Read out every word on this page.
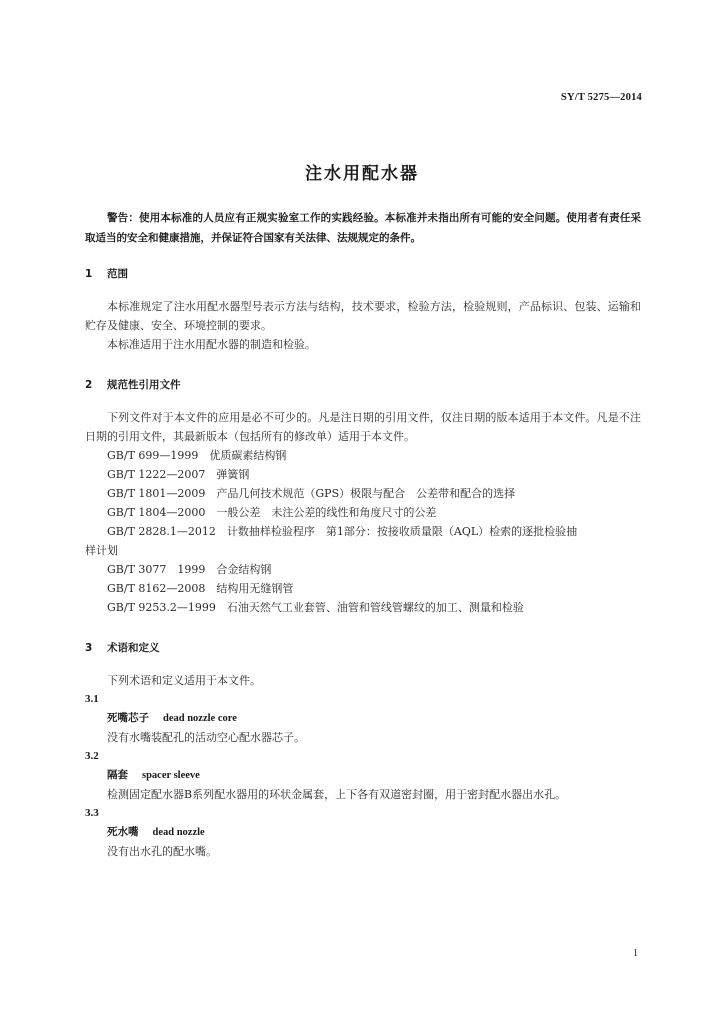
SY/T 5275—2014
注水用配水器
警告：使用本标准的人员应有正规实验室工作的实践经验。本标准并未指出所有可能的安全问题。使用者有责任采取适当的安全和健康措施，并保证符合国家有关法律、法规规定的条件。
1 范围
本标准规定了注水用配水器型号表示方法与结构，技术要求，检验方法，检验规则，产品标识、包装、运输和贮存及健康、安全、环境控制的要求。
本标准适用于注水用配水器的制造和检验。
2 规范性引用文件
下列文件对于本文件的应用是必不可少的。凡是注日期的引用文件，仅注日期的版本适用于本文件。凡是不注日期的引用文件，其最新版本（包括所有的修改单）适用于本文件。
GB/T 699—1999　优质碳素结构钢
GB/T 1222—2007　弹簧钢
GB/T 1801—2009　产品几何技术规范（GPS）极限与配合　公差带和配合的选择
GB/T 1804—2000　一般公差　未注公差的线性和角度尺寸的公差
GB/T 2828.1—2012　计数抽样检验程序　第1部分：按接收质量限（AQL）检索的逐批检验抽
样计划
GB/T 3077　1999　合金结构钢
GB/T 8162—2008　结构用无缝钢管
GB/T 9253.2—1999　石油天然气工业套管、油管和管线管螺纹的加工、测量和检验
3 术语和定义
下列术语和定义适用于本文件。
3.1
死嘴芯子 dead nozzle core
没有水嘴装配孔的活动空心配水器芯子。
3.2
隔套 spacer sleeve
检测固定配水器B系列配水器用的环状金属套，上下各有双道密封圈，用于密封配水器出水孔。
3.3
死水嘴 dead nozzle
没有出水孔的配水嘴。
1
